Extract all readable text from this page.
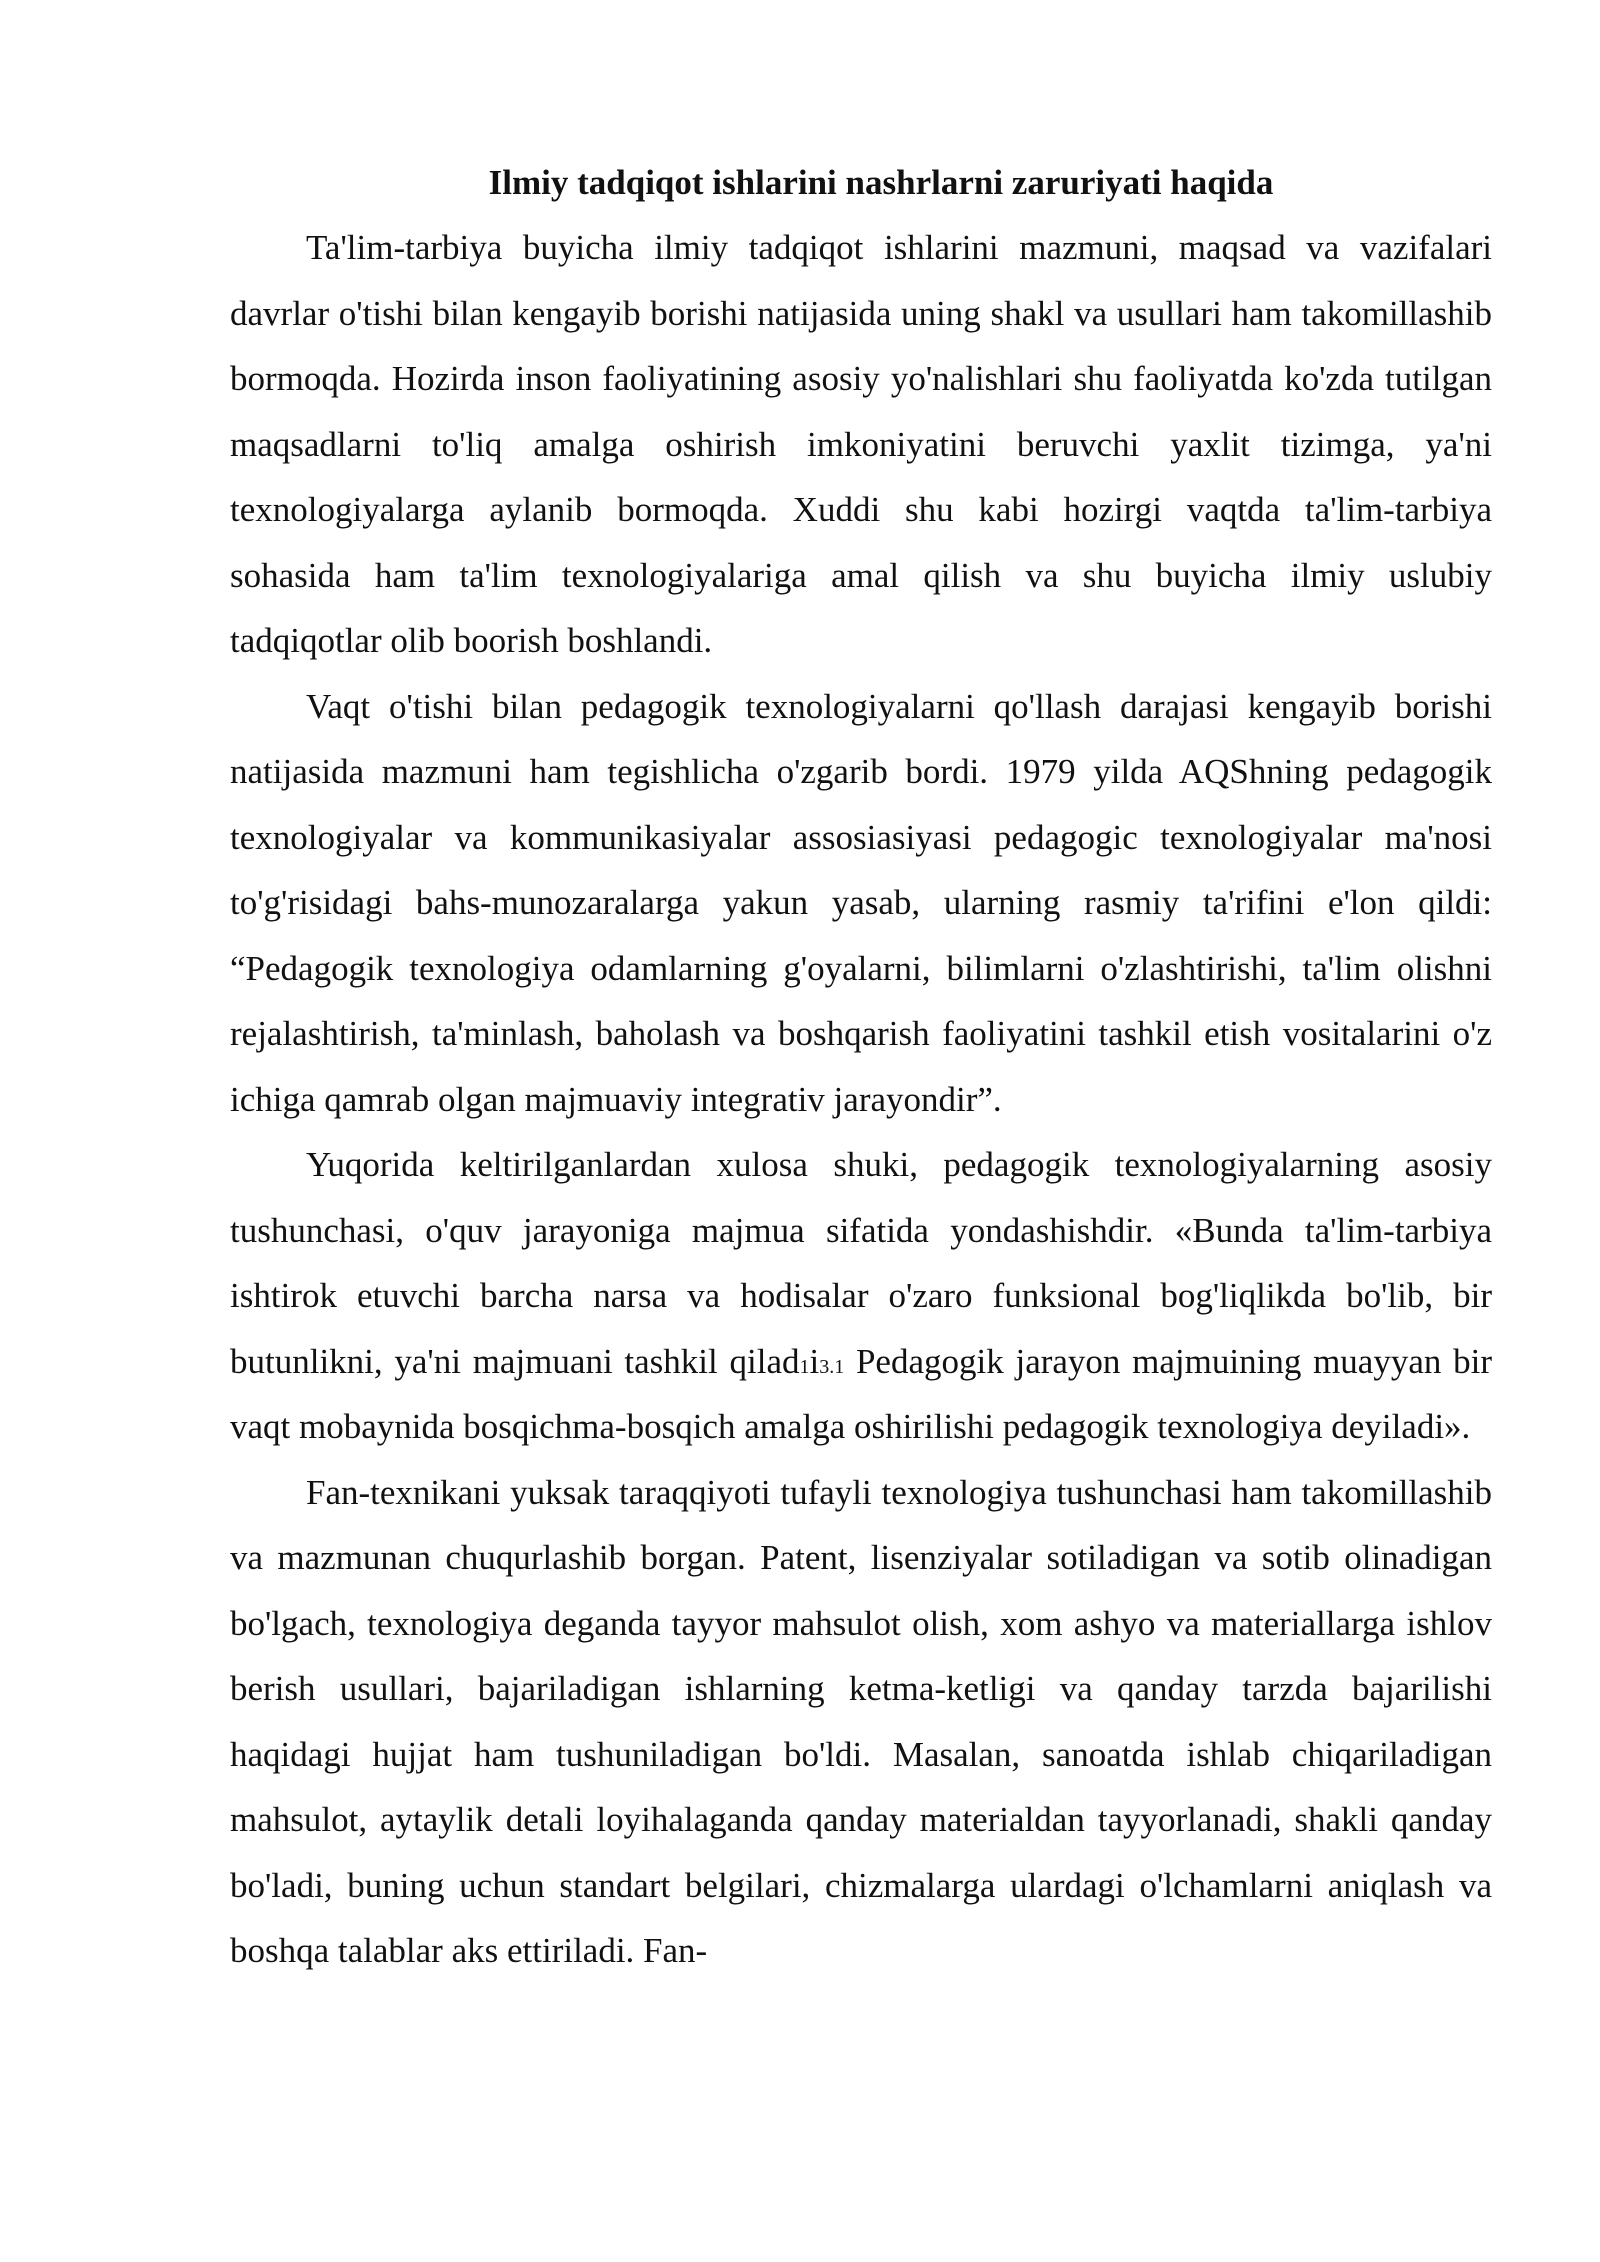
Ilmiy tadqiqot ishlarini nashrlarni zaruriyati haqida

Ta'lim-tarbiya buyicha ilmiy tadqiqot ishlarini mazmuni, maqsad va vazifalari davrlar o'tishi bilan kengayib borishi natijasida uning shakl va usullari ham takomillashib bormoqda. Hozirda inson faoliyatining asosiy yo'nalishlari shu faoliyatda ko'zda tutilgan maqsadlarni to'liq amalga oshirish imkoniyatini beruvchi yaxlit tizimga, ya'ni texnologiyalarga aylanib bormoqda. Xuddi shu kabi hozirgi vaqtda ta'lim-tarbiya sohasida ham ta'lim texnologiyalariga amal qilish va shu buyicha ilmiy uslubiy tadqiqotlar olib boorish boshlandi.

Vaqt o'tishi bilan pedagogik texnologiyalarni qo'llash darajasi kengayib borishi natijasida mazmuni ham tegishlicha o'zgarib bordi. 1979 yilda AQShning pedagogik texnologiyalar va kommunikasiyalar assosiasiyasi pedagogic texnologiyalar ma'nosi to'g'risidagi bahs-munozaralarga yakun yasab, ularning rasmiy ta'rifini e'lon qildi: “Pedagogik texnologiya odamlarning g'oyalarni, bilimlarni o'zlashtirishi, ta'lim olishni rejalashtirish, ta'minlash, baholash va boshqarish faoliyatini tashkil etish vositalarini o'z ichiga qamrab olgan majmuaviy integrativ jarayondir”.

Yuqorida keltirilganlardan xulosa shuki, pedagogik texnologiyalarning asosiy tushunchasi, o'quv jarayoniga majmua sifatida yondashishdir. «Bunda ta'lim-tarbiya ishtirok etuvchi barcha narsa va hodisalar o'zaro funksional bog'liqlikda bo'lib, bir butunlikni, ya'ni majmuani tashkil qilad1i3.1 Pedagogik jarayon majmuining muayyan bir vaqt mobaynida bosqichma-bosqich amalga oshirilishi pedagogik texnologiya deyiladi».

Fan-texnikani yuksak taraqqiyoti tufayli texnologiya tushunchasi ham takomillashib va mazmunan chuqurlashib borgan. Patent, lisenziyalar sotiladigan va sotib olinadigan bo'lgach, texnologiya deganda tayyor mahsulot olish, xom ashyo va materiallarga ishlov berish usullari, bajariladigan ishlarning ketma-ketligi va qanday tarzda bajarilishi haqidagi hujjat ham tushuniladigan bo'ldi. Masalan, sanoatda ishlab chiqariladigan mahsulot, aytaylik detali loyihalaganda qanday materialdan tayyorlanadi, shakli qanday bo'ladi, buning uchun standart belgilari, chizmalarga ulardagi o'lchamlarni aniqlash va boshqa talablar aks ettiriladi. Fan-
